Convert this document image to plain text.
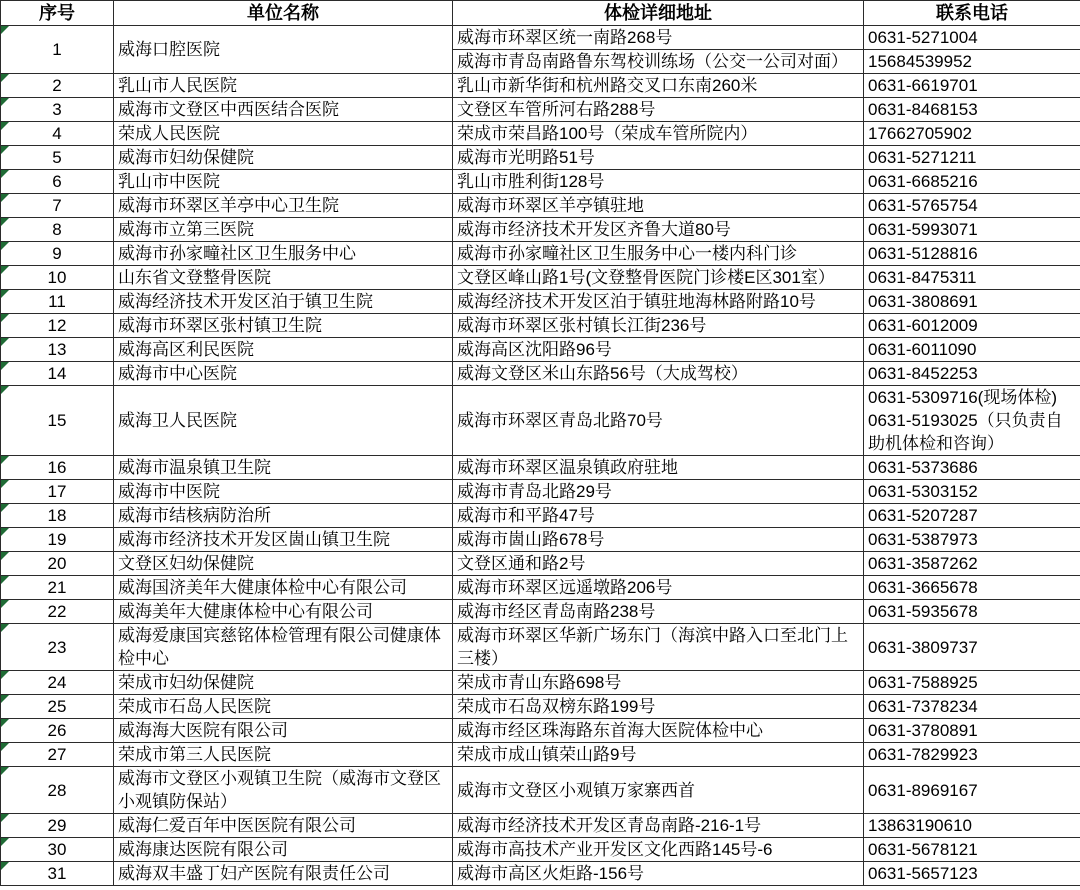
序号	单位名称	体检详细地址	联系电话
1	威海口腔医院	威海市环翠区统一南路268号	0631-5271004

		威海市青岛南路鲁东驾校训练场（公交一公司对面）	15684539952

2	乳山市人民医院	乳山市新华街和杭州路交叉口东南260米	0631-6619701

3	威海市文登区中西医结合医院	文登区车管所河右路288号	0631-8468153

4	荣成人民医院	荣成市荣昌路100号（荣成车管所院内）	17662705902

5	威海市妇幼保健院	威海市光明路51号	0631-5271211

6	乳山市中医院	乳山市胜利街128号	0631-6685216

7	威海市环翠区羊亭中心卫生院	威海市环翠区羊亭镇驻地	0631-5765754

8	威海市立第三医院	威海市经济技术开发区齐鲁大道80号	0631-5993071

9	威海市孙家疃社区卫生服务中心	威海市孙家疃社区卫生服务中心一楼内科门诊	0631-5128816

10	山东省文登整骨医院	文登区峰山路1号(文登整骨医院门诊楼E区301室）	0631-8475311

11	威海经济技术开发区泊于镇卫生院	威海经济技术开发区泊于镇驻地海林路附路10号	0631-3808691

12	威海市环翠区张村镇卫生院	威海市环翠区张村镇长江街236号	0631-6012009

13	威海高区利民医院	威海高区沈阳路96号	0631-6011090

14	威海市中心医院	威海文登区米山东路56号（大成驾校）	0631-8452253

15	威海卫人民医院	威海市环翠区青岛北路70号	0631-5309716(现场体检)
0631-5193025（只负责自助机体检和咨询）

16	威海市温泉镇卫生院	威海市环翠区温泉镇政府驻地	0631-5373686

17	威海市中医院	威海市青岛北路29号	0631-5303152

18	威海市结核病防治所	威海市和平路47号	0631-5207287

19	威海市经济技术开发区崮山镇卫生院	威海市崮山路678号	0631-5387973

20	文登区妇幼保健院	文登区通和路2号	0631-3587262

21	威海国济美年大健康体检中心有限公司	威海市环翠区远遥墩路206号	0631-3665678

22	威海美年大健康体检中心有限公司	威海市经区青岛南路238号	0631-5935678

23	威海爱康国宾慈铭体检管理有限公司健康体检中心	威海市环翠区华新广场东门（海滨中路入口至北门上三楼）	0631-3809737

24	荣成市妇幼保健院	荣成市青山东路698号	0631-7588925

25	荣成市石岛人民医院	荣成市石岛双榜东路199号	0631-7378234

26	威海海大医院有限公司	威海市经区珠海路东首海大医院体检中心	0631-3780891

27	荣成市第三人民医院	荣成市成山镇荣山路9号	0631-7829923

28	威海市文登区小观镇卫生院（威海市文登区小观镇防保站）	威海市文登区小观镇万家寨西首	0631-8969167

29	威海仁爱百年中医医院有限公司	威海市经济技术开发区青岛南路-216-1号	13863190610

30	威海康达医院有限公司	威海市高技术产业开发区文化西路145号-6	0631-5678121

31	威海双丰盛丁妇产医院有限责任公司	威海市高区火炬路-156号	0631-5657123
